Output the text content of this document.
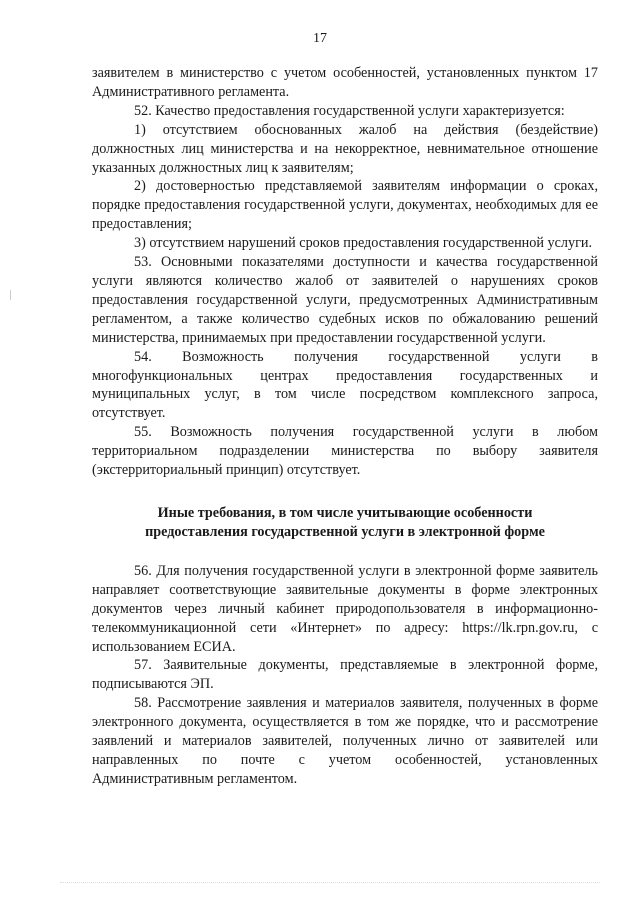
17

заявителем в министерство с учетом особенностей, установленных пунктом 17 Административного регламента.

52. Качество предоставления государственной услуги характеризуется:

1) отсутствием обоснованных жалоб на действия (бездействие) должностных лиц министерства и на некорректное, невнимательное отношение указанных должностных лиц к заявителям;

2) достоверностью представляемой заявителям информации о сроках, порядке предоставления государственной услуги, документах, необходимых для ее предоставления;

3) отсутствием нарушений сроков предоставления государственной услуги.

53. Основными показателями доступности и качества государственной услуги являются количество жалоб от заявителей о нарушениях сроков предоставления государственной услуги, предусмотренных Административным регламентом, а также количество судебных исков по обжалованию решений министерства, принимаемых при предоставлении государственной услуги.

54. Возможность получения государственной услуги в многофункциональных центрах предоставления государственных и муниципальных услуг, в том числе посредством комплексного запроса, отсутствует.

55. Возможность получения государственной услуги в любом территориальном подразделении министерства по выбору заявителя (экстерриториальный принцип) отсутствует.

Иные требования, в том числе учитывающие особенности
предоставления государственной услуги в электронной форме

56. Для получения государственной услуги в электронной форме заявитель направляет соответствующие заявительные документы в форме электронных документов через личный кабинет природопользователя в информационно-телекоммуникационной сети «Интернет» по адресу: https://lk.rpn.gov.ru, с использованием ЕСИА.

57. Заявительные документы, представляемые в электронной форме, подписываются ЭП.

58. Рассмотрение заявления и материалов заявителя, полученных в форме электронного документа, осуществляется в том же порядке, что и рассмотрение заявлений и материалов заявителей, полученных лично от заявителей или направленных по почте с учетом особенностей, установленных Административным регламентом.
